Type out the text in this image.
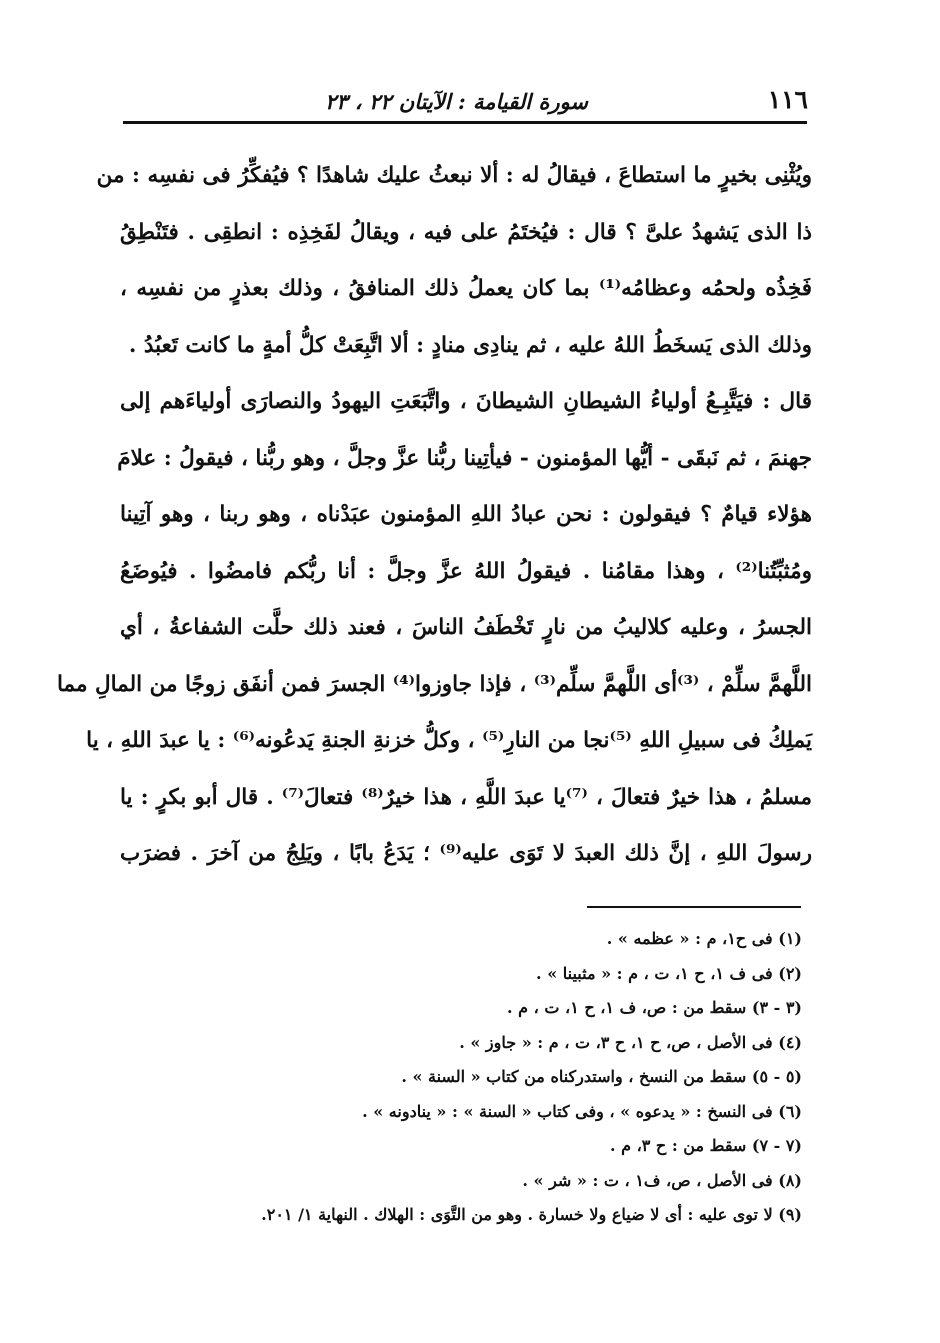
١١٦
سورة القيامة : الآيتان ٢٢ ، ٢٣
ويُثْنِى بخيرٍ ما استطاعَ ، فيقالُ له : ألا نبعثُ عليك شاهدًا ؟ فيُفكِّرُ فى نفسِه : من
ذا الذى يَشهدُ علىَّ ؟ قال : فيُختَمُ على فيه ، ويقالُ لفَخِذِه : انطقِى . فتَنْطِقُ
فَخِذُه ولحمُه وعظامُه⁽¹⁾ بما كان يعملُ ذلك المنافقُ ، وذلك بعذرٍ من نفسِه ،
وذلك الذى يَسخَطُ اللهُ عليه ، ثم ينادِى منادٍ : ألا اتَّبِعَتْ كلُّ أمةٍ ما كانت تَعبُدُ .
قال : فيَتَّبِـعُ أولياءُ الشيطانِ الشيطانَ ، واتَّبَعَتِ اليهودُ والنصارَى أولياءَهم إلى
جهنمَ ، ثم نَبقَى - أيُّها المؤمنون - فيأتِينا ربُّنا عزَّ وجلَّ ، وهو ربُّنا ، فيقولُ : علامَ
هؤلاء قيامٌ ؟ فيقولون : نحن عبادُ اللهِ المؤمنون عبَدْناه ، وهو ربنا ، وهو آتِينا
ومُثبِّتُنا⁽²⁾ ، وهذا مقامُنا . فيقولُ اللهُ عزَّ وجلَّ : أنا ربُّكم فامضُوا . فيُوضَعُ
الجسرُ ، وعليه كلاليبُ من نارٍ تَخْطَفُ الناسَ ، فعند ذلك حلَّت الشفاعةُ ، أي
اللَّهمَّ سلِّمْ ، ⁽³⁾أى اللَّهمَّ سلِّم⁽³⁾ ، فإذا جاوزوا⁽⁴⁾ الجسرَ فمن أنفَق زوجًا من المالِ مما
يَملِكُ فى سبيلِ اللهِ ⁽⁵⁾نجا من النارِ⁽⁵⁾ ، وكلُّ خزنةِ الجنةِ يَدعُونه⁽⁶⁾ : يا عبدَ اللهِ ، يا
مسلمُ ، هذا خيرٌ فتعالَ ، ⁽⁷⁾يا عبدَ اللَّهِ ، هذا خيرٌ⁽⁸⁾ فتعالَ⁽⁷⁾ . قال أبو بكرٍ : يا
رسولَ اللهِ ، إنَّ ذلك العبدَ لا تَوَى عليه⁽⁹⁾ ؛ يَدَعُ بابًا ، ويَلِجُ من آخرَ . فضرَب
(١) فى ح١، م : « عظمه » .
(٢) فى ف ١، ح ١، ت ، م : « مثبينا » .
(٣ - ٣) سقط من : ص، ف ١، ح ١، ت ، م .
(٤) فى الأصل ، ص، ح ١، ح ٣، ت ، م : « جاوز » .
(٥ - ٥) سقط من النسخ ، واستدركناه من كتاب « السنة » .
(٦) فى النسخ : « يدعوه » ، وفى كتاب « السنة » : « ينادونه » .
(٧ - ٧) سقط من : ح ٣، م .
(٨) فى الأصل ، ص، ف١ ، ت : « شر » .
(٩) لا توى عليه : أى لا ضياع ولا خسارة . وهو من التَّوَى : الهلاك . النهاية ١/ ٢٠١.
